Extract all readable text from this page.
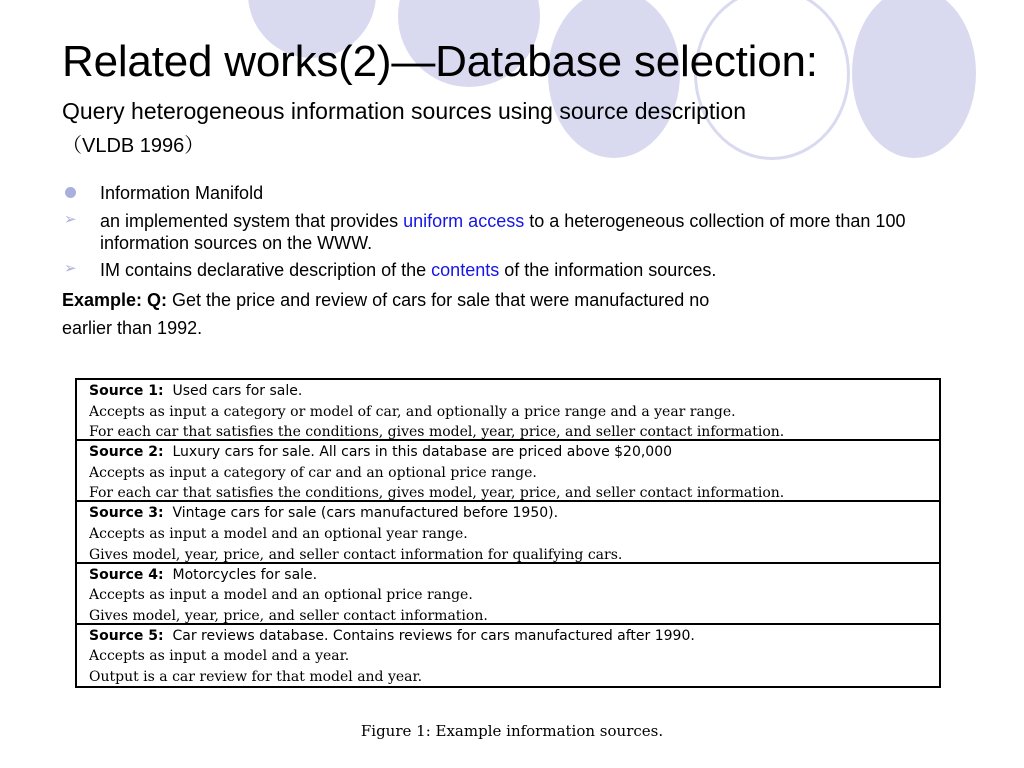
Related works(2)—Database selection:
Query heterogeneous information sources using source description
（VLDB 1996）
Information Manifold
➢ an implemented system that provides uniform access to a heterogeneous collection of more than 100 information sources on the WWW.
➢ IM contains declarative description of the contents of the information sources.
Example: Q: Get the price and review of cars for sale that were manufactured no
earlier than 1992.
Source 1: Used cars for sale.
Accepts as input a category or model of car, and optionally a price range and a year range.
For each car that satisfies the conditions, gives model, year, price, and seller contact information.
Source 2: Luxury cars for sale. All cars in this database are priced above $20,000
Accepts as input a category of car and an optional price range.
For each car that satisfies the conditions, gives model, year, price, and seller contact information.
Source 3: Vintage cars for sale (cars manufactured before 1950).
Accepts as input a model and an optional year range.
Gives model, year, price, and seller contact information for qualifying cars.
Source 4: Motorcycles for sale.
Accepts as input a model and an optional price range.
Gives model, year, price, and seller contact information.
Source 5: Car reviews database. Contains reviews for cars manufactured after 1990.
Accepts as input a model and a year.
Output is a car review for that model and year.
Figure 1: Example information sources.
